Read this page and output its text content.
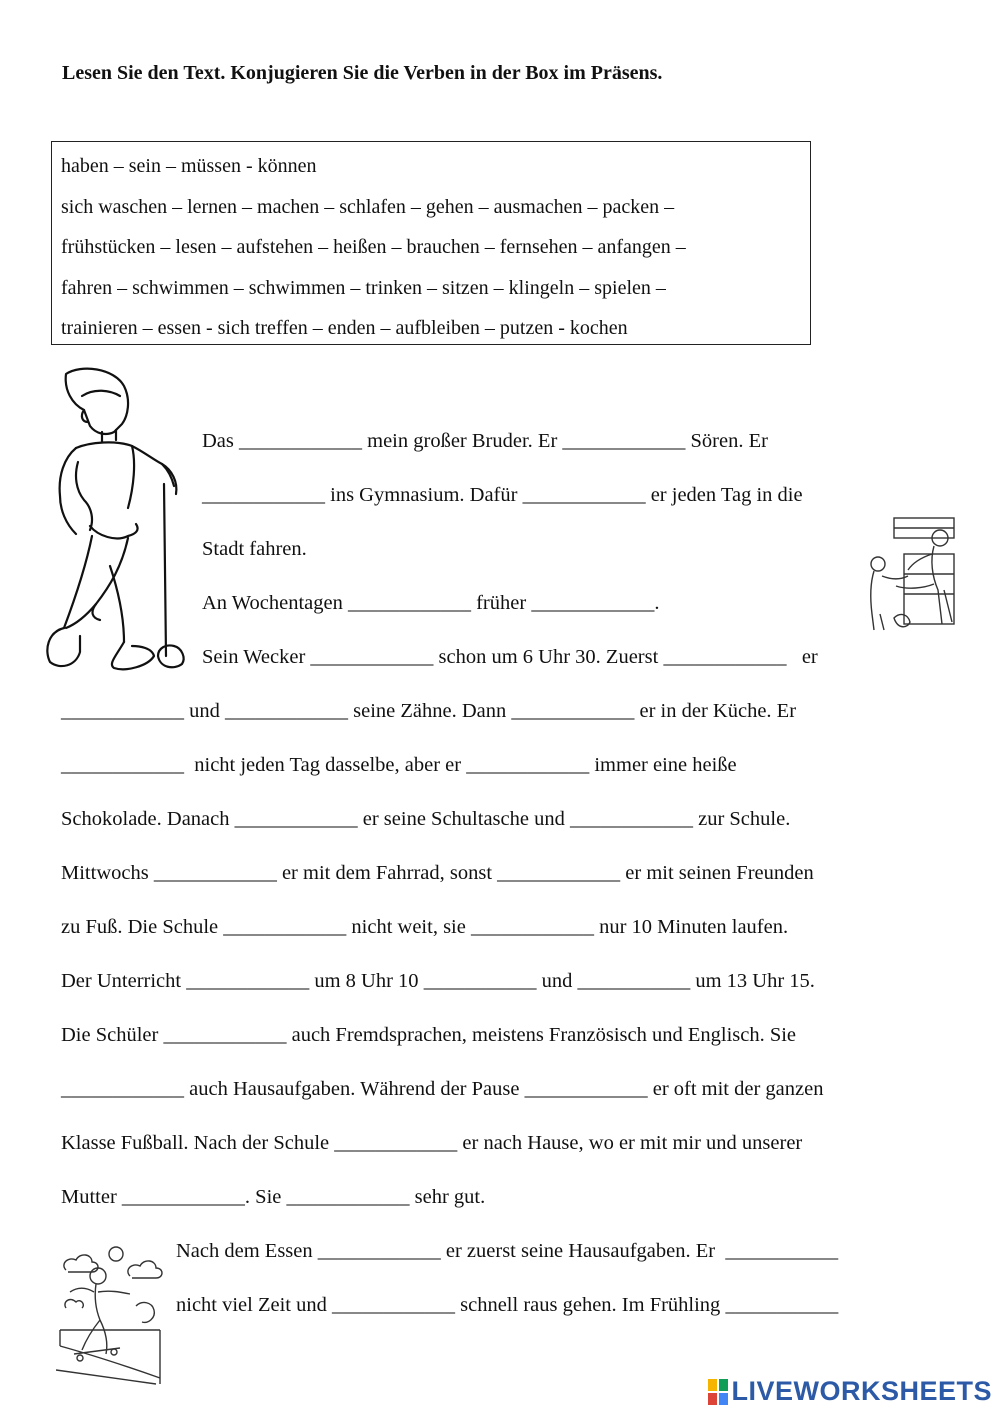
Lesen Sie den Text. Konjugieren Sie die Verben in der Box im Präsens.
haben – sein – müssen - können
sich waschen – lernen – machen – schlafen – gehen – ausmachen – packen –
frühstücken – lesen – aufstehen – heißen – brauchen – fernsehen – anfangen –
fahren – schwimmen – schwimmen – trinken – sitzen – klingeln – spielen –
trainieren – essen - sich treffen – enden – aufbleiben – putzen - kochen
Das ____________ mein großer Bruder. Er ____________ Sören. Er
____________ ins Gymnasium. Dafür ____________ er jeden Tag in die
Stadt fahren.
An Wochentagen ____________ früher ____________.
Sein Wecker ____________ schon um 6 Uhr 30. Zuerst ____________   er
____________ und ____________ seine Zähne. Dann ____________ er in der Küche. Er
____________  nicht jeden Tag dasselbe, aber er ____________ immer eine heiße
Schokolade. Danach ____________ er seine Schultasche und ____________ zur Schule.
Mittwochs ____________ er mit dem Fahrrad, sonst ____________ er mit seinen Freunden
zu Fuß. Die Schule ____________ nicht weit, sie ____________ nur 10 Minuten laufen.
Der Unterricht ____________ um 8 Uhr 10 ___________ und ___________ um 13 Uhr 15.
Die Schüler ____________ auch Fremdsprachen, meistens Französisch und Englisch. Sie
____________ auch Hausaufgaben. Während der Pause ____________ er oft mit der ganzen
Klasse Fußball. Nach der Schule ____________ er nach Hause, wo er mit mir und unserer
Mutter ____________. Sie ____________ sehr gut.
Nach dem Essen ____________ er zuerst seine Hausaufgaben. Er  ___________
nicht viel Zeit und ____________ schnell raus gehen. Im Frühling ___________
LIVEWORKSHEETS
